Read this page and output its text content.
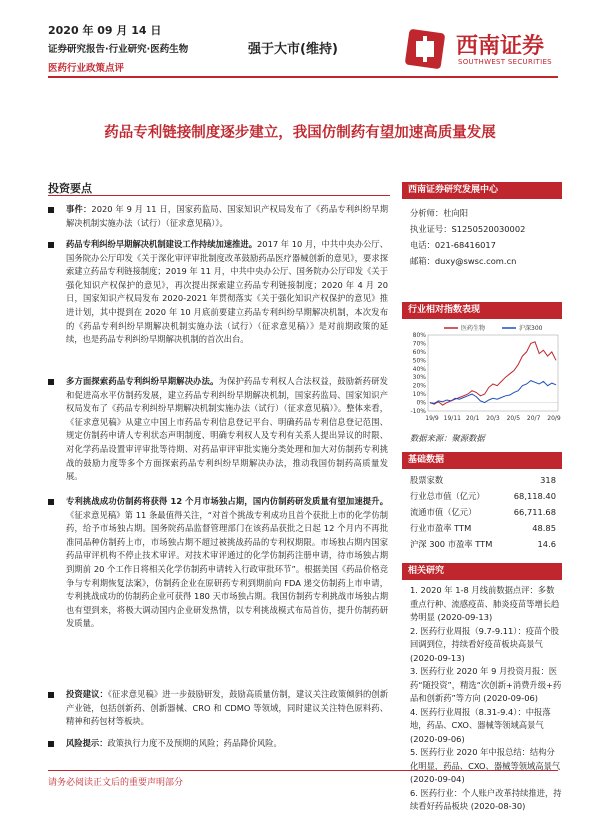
2020 年 09 月 14 日
证券研究报告·行业研究·医药生物
医药行业政策点评
强于大市(维持)	西南证券
SOUTHWEST SECURITIES
药品专利链接制度逐步建立，我国仿制药有望加速高质量发展
投资要点
事件：2020 年 9 月 11 日，国家药监局、国家知识产权局发布了《药品专利纠纷早期解决机制实施办法（试行）（征求意见稿）》。
药品专利纠纷早期解决机制建设工作持续加速推进。2017 年 10 月，中共中央办公厅、国务院办公厅印发《关于深化审评审批制度改革鼓励药品医疗器械创新的意见》，要求探索建立药品专利链接制度；2019 年 11 月，中共中央办公厅、国务院办公厅印发《关于强化知识产权保护的意见》，再次提出探索建立药品专利链接制度；2020 年 4 月 20 日，国家知识产权局发布 2020-2021 年贯彻落实《关于强化知识产权保护的意见》推进计划，其中提到在 2020 年 10 月底前要建立药品专利纠纷早期解决机制，本次发布的《药品专利纠纷早期解决机制实施办法（试行）（征求意见稿）》是对前期政策的延续，也是药品专利纠纷早期解决机制的首次出台。
多方面探索药品专利纠纷早期解决办法。为保护药品专利权人合法权益，鼓励新药研发和促进高水平仿制药发展，建立药品专利纠纷早期解决机制，国家药监局、国家知识产权局发布了《药品专利纠纷早期解决机制实施办法（试行）（征求意见稿）》。整体来看，《征求意见稿》从建立中国上市药品专利信息登记平台、明确药品专利信息登记范围、规定仿制药申请人专利状态声明制度、明确专利权人及专利有关系人提出异议的时限、对化学药品设置审评审批等待期、对药品审评审批实施分类处理和加大对仿制药专利挑战的鼓励力度等多个方面探索药品专利纠纷早期解决办法，推动我国仿制药高质量发展。
专利挑战成功仿制药将获得 12 个月市场独占期，国内仿制药研发质量有望加速提升。《征求意见稿》第 11 条最值得关注，“对首个挑战专利成功且首个获批上市的化学仿制药，给予市场独占期。国务院药品监督管理部门在该药品获批之日起 12 个月内不再批准同品种仿制药上市，市场独占期不超过被挑战药品的专利权期限。市场独占期内国家药品审评机构不停止技术审评。对技术审评通过的化学仿制药注册申请，待市场独占期到期前 20 个工作日将相关化学仿制药申请转入行政审批环节”。根据美国《药品价格竞争与专利期恢复法案》，仿制药企业在原研药专利到期前向 FDA 递交仿制药上市申请，专利挑战成功的仿制药企业可获得 180 天市场独占期。我国仿制药专利挑战市场独占期也有望到来，将极大调动国内企业研发热情，以专利挑战模式布局首仿，提升仿制药研发质量。
投资建议：《征求意见稿》进一步鼓励研发，鼓励高质量仿制，建议关注政策倾斜的创新产业链，包括创新药、创新器械、CRO 和 CDMO 等领域，同时建议关注特色原料药、精神和药包材等板块。
风险提示：政策执行力度不及预期的风险；药品降价风险。
西南证券研究发展中心
分析师：杜向阳
执业证号：S1250520030002
电话：021-68416017
邮箱：duxy@swsc.com.cn
行业相对指数表现
医药生物	沪深300
80%
70%
60%
50%
40%
30%
20%
10%
0%
-10%
19/9 19/11 20/1 20/3 20/5 20/7 20/9
数据来源：聚源数据
基础数据
股票家数	318
行业总市值（亿元）	68,118.40
流通市值（亿元）	66,711.68
行业市盈率 TTM	48.85
沪深 300 市盈率 TTM	14.6
相关研究
1. 2020 年 1-8 月线前数据点评：多数重点行种、流感疫苗、肺炎疫苗等增长趋势明显 (2020-09-13)
2. 医药行业周报（9.7-9.11）：疫苗个股回调到位，持续看好疫苗板块高景气 (2020-09-13)
3. 医药行业 2020 年 9 月投资月报：医药“随投资”，精选“次创新+消费升级+药品和创新药”等方向 (2020-09-06)
4. 医药行业周报（8.31-9.4）：中报落地，药品、CXO、器械等领域高景气 (2020-09-06)
5. 医药行业 2020 年中报总结：结构分化明显，药品、CXO、器械等领域高景气 (2020-09-04)
6. 医药行业：个人账户改革持续推进，持续看好药品板块 (2020-08-30)
请务必阅读正文后的重要声明部分
